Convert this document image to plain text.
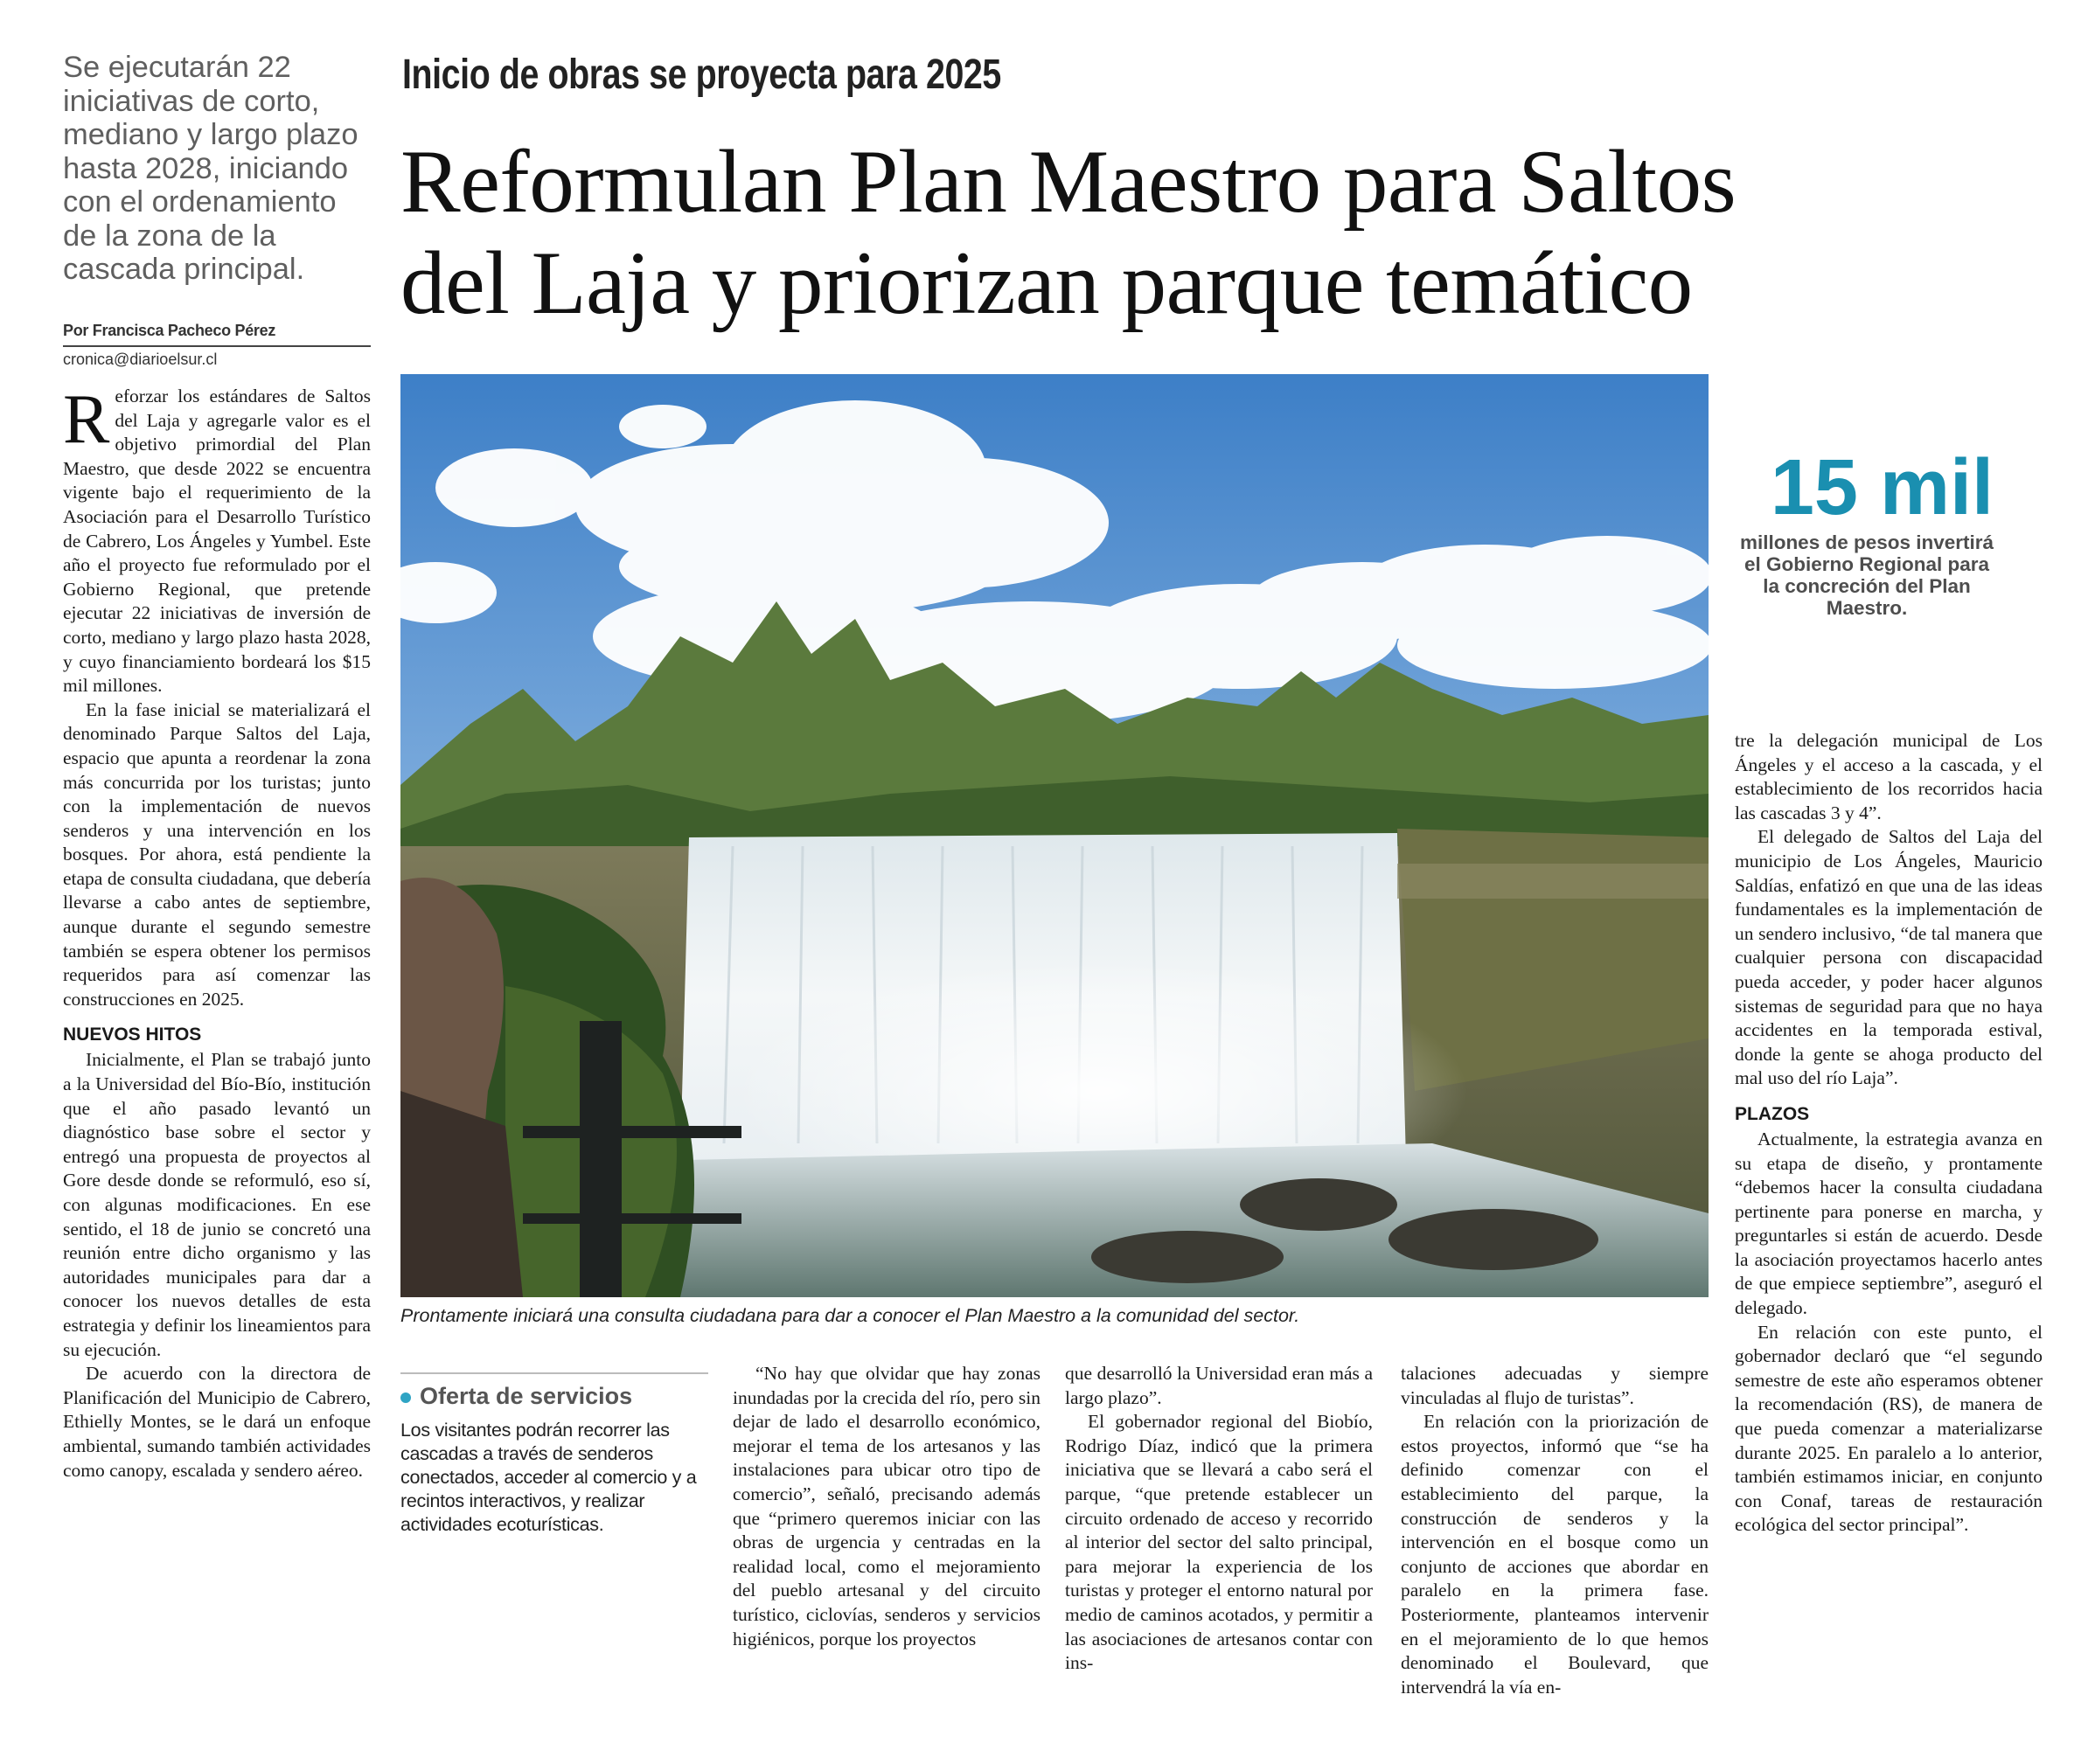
Se ejecutarán 22 iniciativas de corto, mediano y largo plazo hasta 2028, iniciando con el ordenamiento de la zona de la cascada principal.
Por Francisca Pacheco Pérez
cronica@diarioelsur.cl
Inicio de obras se proyecta para 2025
Reformulan Plan Maestro para Saltos
del Laja y priorizan parque temático

Reforzar los estándares de Saltos del Laja y agregarle valor es el objetivo primordial del Plan Maestro, que desde 2022 se encuentra vigente bajo el requerimiento de la Asociación para el Desarrollo Turístico de Cabrero, Los Ángeles y Yumbel. Este año el proyecto fue reformulado por el Gobierno Regional, que pretende ejecutar 22 iniciativas de inversión de corto, mediano y largo plazo hasta 2028, y cuyo financiamiento bordeará los $15 mil millones.

En la fase inicial se materializará el denominado Parque Saltos del Laja, espacio que apunta a reordenar la zona más concurrida por los turistas; junto con la implementación de nuevos senderos y una intervención en los bosques. Por ahora, está pendiente la etapa de consulta ciudadana, que debería llevarse a cabo antes de septiembre, aunque durante el segundo semestre también se espera obtener los permisos requeridos para así comenzar las construcciones en 2025.

NUEVOS HITOS

Inicialmente, el Plan se trabajó junto a la Universidad del Bío-Bío, institución que el año pasado levantó un diagnóstico base sobre el sector y entregó una propuesta de proyectos al Gore desde donde se reformuló, eso sí, con algunas modificaciones. En ese sentido, el 18 de junio se concretó una reunión entre dicho organismo y las autoridades municipales para dar a conocer los nuevos detalles de esta estrategia y definir los lineamientos para su ejecución.

De acuerdo con la directora de Planificación del Municipio de Cabrero, Ethielly Montes, se le dará un enfoque ambiental, sumando también actividades como canopy, escalada y sendero aéreo.

Prontamente iniciará una consulta ciudadana para dar a conocer el Plan Maestro a la comunidad del sector.
15 mil
millones de pesos invertirá el Gobierno Regional para la concreción del Plan Maestro.
Oferta de servicios
Los visitantes podrán recorrer las cascadas a través de senderos conectados, acceder al comercio y a recintos interactivos, y realizar actividades ecoturísticas.

“No hay que olvidar que hay zonas inundadas por la crecida del río, pero sin dejar de lado el desarrollo económico, mejorar el tema de los artesanos y las instalaciones para ubicar otro tipo de comercio”, señaló, precisando además que “primero queremos iniciar con las obras de urgencia y centradas en la realidad local, como el mejoramiento del pueblo artesanal y del circuito turístico, ciclovías, senderos y servicios higiénicos, porque los proyectos

que desarrolló la Universidad eran más a largo plazo”.

El gobernador regional del Biobío, Rodrigo Díaz, indicó que la primera iniciativa que se llevará a cabo será el parque, “que pretende establecer un circuito ordenado de acceso y recorrido al interior del sector del salto principal, para mejorar la experiencia de los turistas y proteger el entorno natural por medio de caminos acotados, y permitir a las asociaciones de artesanos contar con ins-

talaciones adecuadas y siempre vinculadas al flujo de turistas”.

En relación con la priorización de estos proyectos, informó que “se ha definido comenzar con el establecimiento del parque, la construcción de senderos y la intervención en el bosque como un conjunto de acciones que abordar en paralelo en la primera fase. Posteriormente, planteamos intervenir en el mejoramiento de lo que hemos denominado el Boulevard, que intervendrá la vía en-

tre la delegación municipal de Los Ángeles y el acceso a la cascada, y el establecimiento de los recorridos hacia las cascadas 3 y 4”.

El delegado de Saltos del Laja del municipio de Los Ángeles, Mauricio Saldías, enfatizó en que una de las ideas fundamentales es la implementación de un sendero inclusivo, “de tal manera que cualquier persona con discapacidad pueda acceder, y poder hacer algunos sistemas de seguridad para que no haya accidentes en la temporada estival, donde la gente se ahoga producto del mal uso del río Laja”.

PLAZOS

Actualmente, la estrategia avanza en su etapa de diseño, y prontamente “debemos hacer la consulta ciudadana pertinente para ponerse en marcha, y preguntarles si están de acuerdo. Desde la asociación proyectamos hacerlo antes de que empiece septiembre”, aseguró el delegado.

En relación con este punto, el gobernador declaró que “el segundo semestre de este año esperamos obtener la recomendación (RS), de manera de que pueda comenzar a materializarse durante 2025. En paralelo a lo anterior, también estimamos iniciar, en conjunto con Conaf, tareas de restauración ecológica del sector principal”.
